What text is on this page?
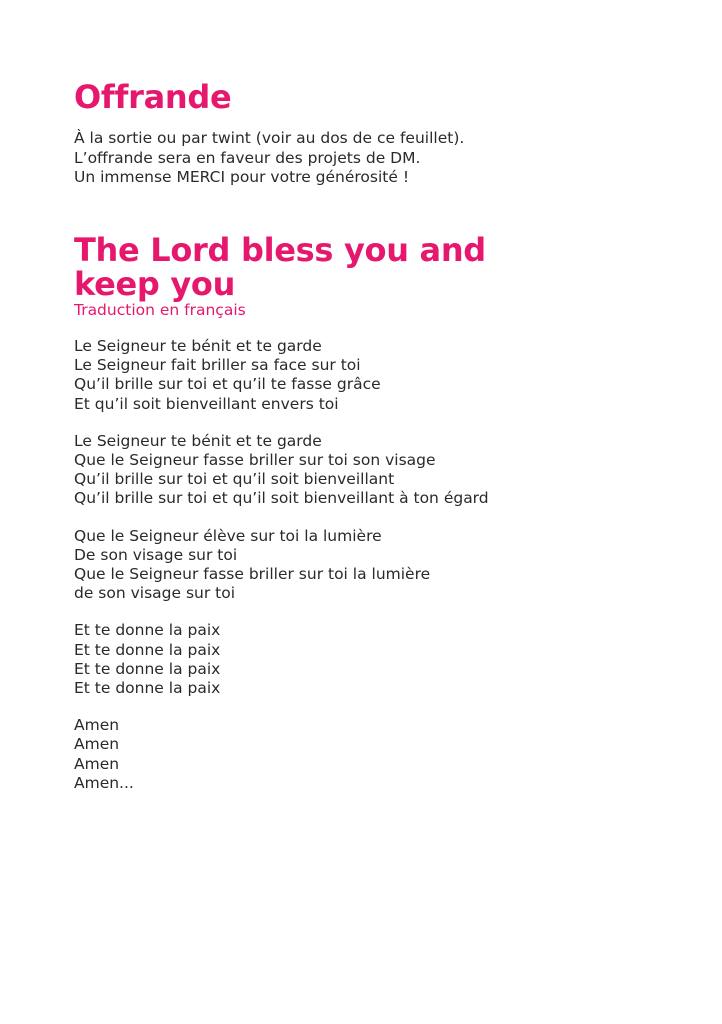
Offrande
À la sortie ou par twint (voir au dos de ce feuillet).
L’offrande sera en faveur des projets de DM.
Un immense MERCI pour votre générosité !
The Lord bless you and keep you
Traduction en français
Le Seigneur te bénit et te garde
Le Seigneur fait briller sa face sur toi
Qu’il brille sur toi et qu’il te fasse grâce
Et qu’il soit bienveillant envers toi
Le Seigneur te bénit et te garde
Que le Seigneur fasse briller sur toi son visage
Qu’il brille sur toi et qu’il soit bienveillant
Qu’il brille sur toi et qu’il soit bienveillant à ton égard
Que le Seigneur élève sur toi la lumière
De son visage sur toi
Que le Seigneur fasse briller sur toi la lumière
de son visage sur toi
Et te donne la paix
Et te donne la paix
Et te donne la paix
Et te donne la paix
Amen
Amen
Amen
Amen...
